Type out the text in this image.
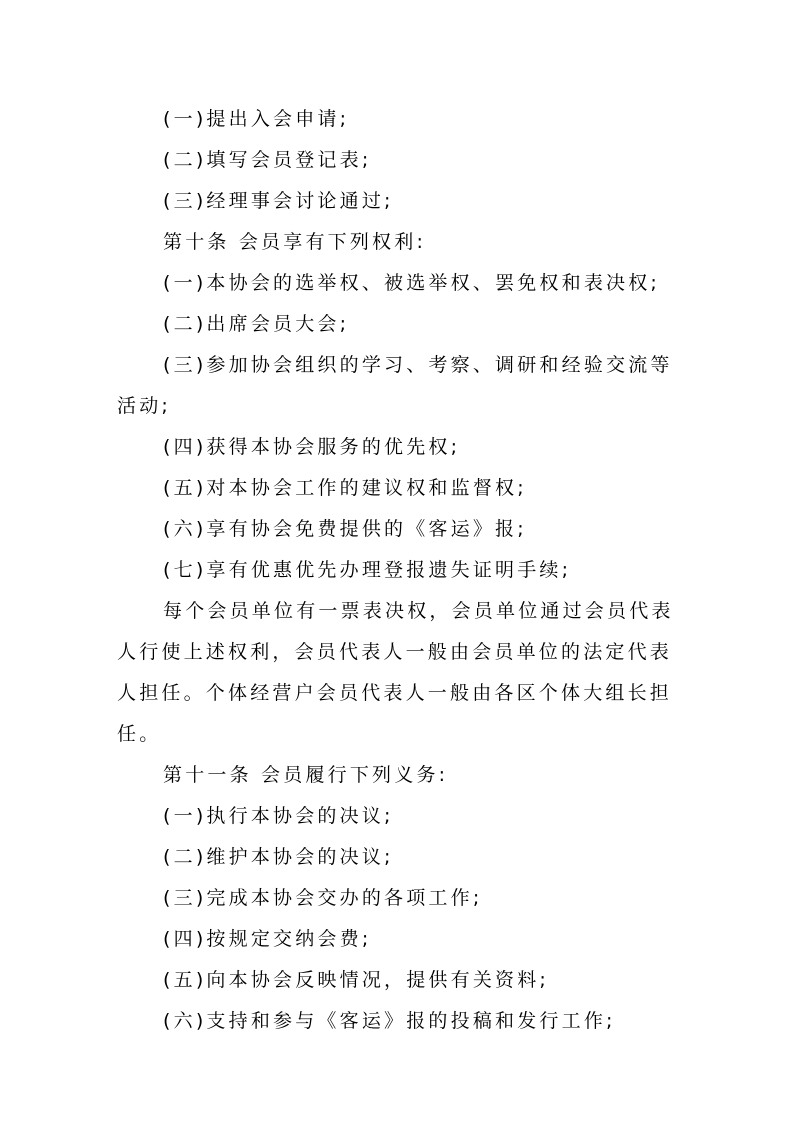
(一)提出入会申请;

(二)填写会员登记表;

(三)经理事会讨论通过;

第十条 会员享有下列权利:

(一)本协会的选举权、被选举权、罢免权和表决权;

(二)出席会员大会;

(三)参加协会组织的学习、考察、调研和经验交流等活动;

(四)获得本协会服务的优先权;

(五)对本协会工作的建议权和监督权;

(六)享有协会免费提供的《客运》报;

(七)享有优惠优先办理登报遗失证明手续;

每个会员单位有一票表决权，会员单位通过会员代表人行使上述权利，会员代表人一般由会员单位的法定代表人担任。个体经营户会员代表人一般由各区个体大组长担任。

第十一条 会员履行下列义务:

(一)执行本协会的决议;

(二)维护本协会的决议;

(三)完成本协会交办的各项工作;

(四)按规定交纳会费;

(五)向本协会反映情况，提供有关资料;

(六)支持和参与《客运》报的投稿和发行工作;
